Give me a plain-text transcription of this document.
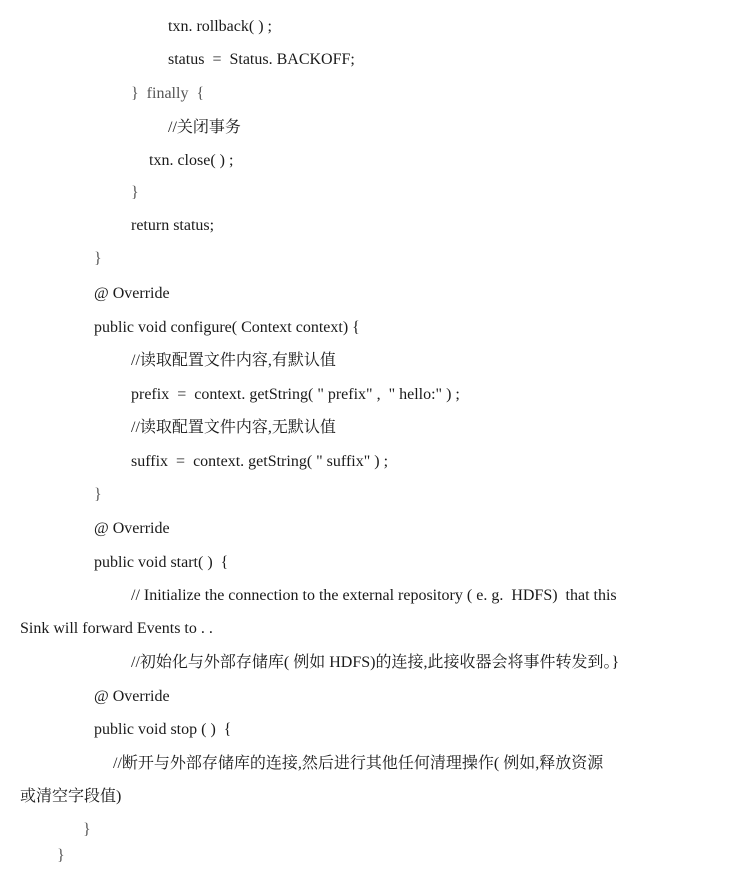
txn. rollback( ) ;
status  =  Status. BACKOFF;
}  finally  {
//关闭事务
txn. close( ) ;
}
return status;
}
@ Override
public void configure( Context context) {
//读取配置文件内容,有默认值
prefix  =  context. getString( " prefix" ,  " hello:" ) ;
//读取配置文件内容,无默认值
suffix  =  context. getString( " suffix" ) ;
}
@ Override
public void start( )  {
// Initialize the connection to the external repository ( e. g.  HDFS)  that this
Sink will forward Events to . .
//初始化与外部存储库( 例如 HDFS)的连接,此接收器会将事件转发到。}
@ Override
public void stop ( )  {
//断开与外部存储库的连接,然后进行其他任何清理操作( 例如,释放资源
或清空字段值)
}
}
